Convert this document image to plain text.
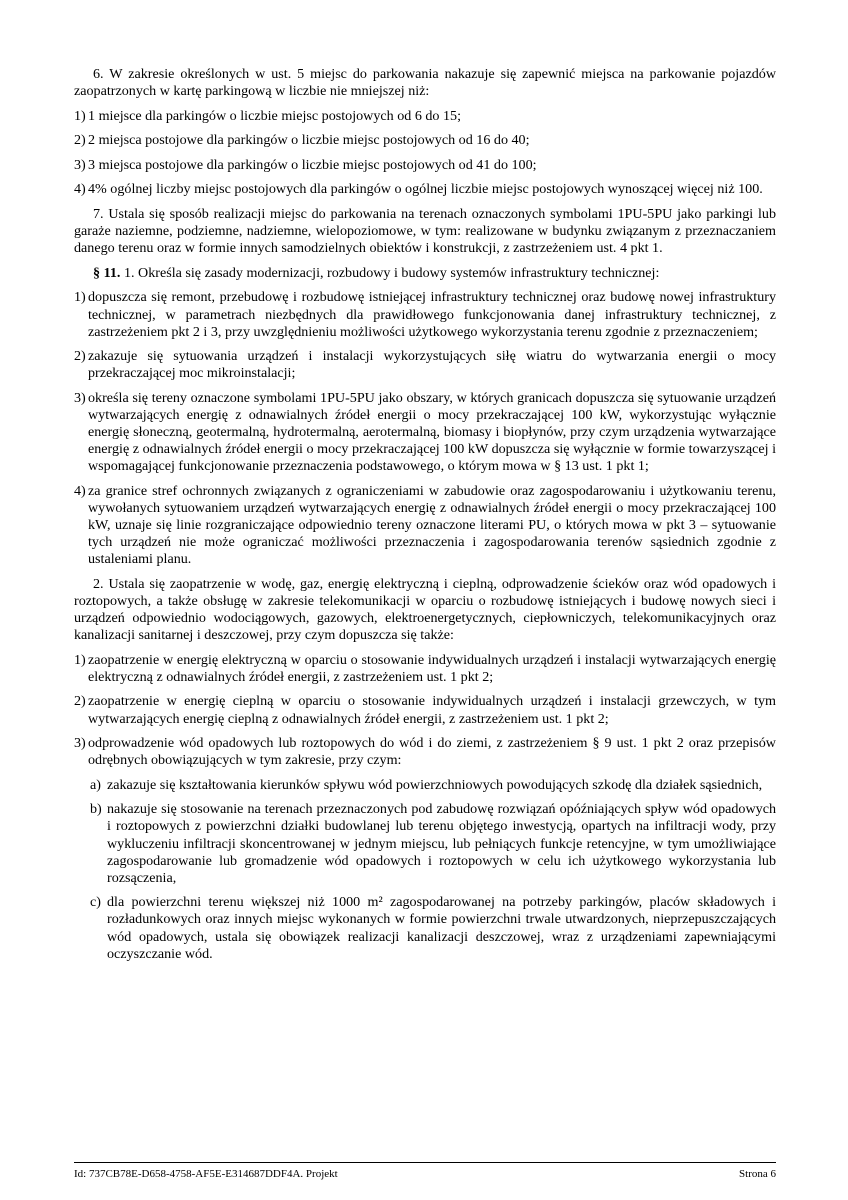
6. W zakresie określonych w ust. 5 miejsc do parkowania nakazuje się zapewnić miejsca na parkowanie pojazdów zaopatrzonych w kartę parkingową w liczbie nie mniejszej niż:

1) 1 miejsce dla parkingów o liczbie miejsc postojowych od 6 do 15;
2) 2 miejsca postojowe dla parkingów o liczbie miejsc postojowych od 16 do 40;
3) 3 miejsca postojowe dla parkingów o liczbie miejsc postojowych od 41 do 100;
4) 4% ogólnej liczby miejsc postojowych dla parkingów o ogólnej liczbie miejsc postojowych wynoszącej więcej niż 100.

7. Ustala się sposób realizacji miejsc do parkowania na terenach oznaczonych symbolami 1PU-5PU jako parkingi lub garaże naziemne, podziemne, nadziemne, wielopoziomowe, w tym: realizowane w budynku związanym z przeznaczaniem danego terenu oraz w formie innych samodzielnych obiektów i konstrukcji, z zastrzeżeniem ust. 4 pkt 1.

§ 11. 1. Określa się zasady modernizacji, rozbudowy i budowy systemów infrastruktury technicznej:

1) dopuszcza się remont, przebudowę i rozbudowę istniejącej infrastruktury technicznej oraz budowę nowej infrastruktury technicznej, w parametrach niezbędnych dla prawidłowego funkcjonowania danej infrastruktury technicznej, z zastrzeżeniem pkt 2 i 3, przy uwzględnieniu możliwości użytkowego wykorzystania terenu zgodnie z przeznaczeniem;
2) zakazuje się sytuowania urządzeń i instalacji wykorzystujących siłę wiatru do wytwarzania energii o mocy przekraczającej moc mikroinstalacji;
3) określa się tereny oznaczone symbolami 1PU-5PU jako obszary, w których granicach dopuszcza się sytuowanie urządzeń wytwarzających energię z odnawialnych źródeł energii o mocy przekraczającej 100 kW, wykorzystując wyłącznie energię słoneczną, geotermalną, hydrotermalną, aerotermalną, biomasy i biopłynów, przy czym urządzenia wytwarzające energię z odnawialnych źródeł energii o mocy przekraczającej 100 kW dopuszcza się wyłącznie w formie towarzyszącej i wspomagającej funkcjonowanie przeznaczenia podstawowego, o którym mowa w § 13 ust. 1 pkt 1;
4) za granice stref ochronnych związanych z ograniczeniami w zabudowie oraz zagospodarowaniu i użytkowaniu terenu, wywołanych sytuowaniem urządzeń wytwarzających energię z odnawialnych źródeł energii o mocy przekraczającej 100 kW, uznaje się linie rozgraniczające odpowiednio tereny oznaczone literami PU, o których mowa w pkt 3 – sytuowanie tych urządzeń nie może ograniczać możliwości przeznaczenia i zagospodarowania terenów sąsiednich zgodnie z ustaleniami planu.

2. Ustala się zaopatrzenie w wodę, gaz, energię elektryczną i cieplną, odprowadzenie ścieków oraz wód opadowych i roztopowych, a także obsługę w zakresie telekomunikacji w oparciu o rozbudowę istniejących i budowę nowych sieci i urządzeń odpowiednio wodociągowych, gazowych, elektroenergetycznych, ciepłowniczych, telekomunikacyjnych oraz kanalizacji sanitarnej i deszczowej, przy czym dopuszcza się także:

1) zaopatrzenie w energię elektryczną w oparciu o stosowanie indywidualnych urządzeń i instalacji wytwarzających energię elektryczną z odnawialnych źródeł energii, z zastrzeżeniem ust. 1 pkt 2;
2) zaopatrzenie w energię cieplną w oparciu o stosowanie indywidualnych urządzeń i instalacji grzewczych, w tym wytwarzających energię cieplną z odnawialnych źródeł energii, z zastrzeżeniem ust. 1 pkt 2;
3) odprowadzenie wód opadowych lub roztopowych do wód i do ziemi, z zastrzeżeniem § 9 ust. 1 pkt 2 oraz przepisów odrębnych obowiązujących w tym zakresie, przy czym:
a) zakazuje się kształtowania kierunków spływu wód powierzchniowych powodujących szkodę dla działek sąsiednich,
b) nakazuje się stosowanie na terenach przeznaczonych pod zabudowę rozwiązań opóźniających spływ wód opadowych i roztopowych z powierzchni działki budowlanej lub terenu objętego inwestycją, opartych na infiltracji wody, przy wykluczeniu infiltracji skoncentrowanej w jednym miejscu, lub pełniących funkcje retencyjne, w tym umożliwiające zagospodarowanie lub gromadzenie wód opadowych i roztopowych w celu ich użytkowego wykorzystania lub rozsączenia,
c) dla powierzchni terenu większej niż 1000 m² zagospodarowanej na potrzeby parkingów, placów składowych i rozładunkowych oraz innych miejsc wykonanych w formie powierzchni trwale utwardzonych, nieprzepuszczających wód opadowych, ustala się obowiązek realizacji kanalizacji deszczowej, wraz z urządzeniami zapewniającymi oczyszczanie wód.
Id: 737CB78E-D658-4758-AF5E-E314687DDF4A. Projekt	Strona 6
